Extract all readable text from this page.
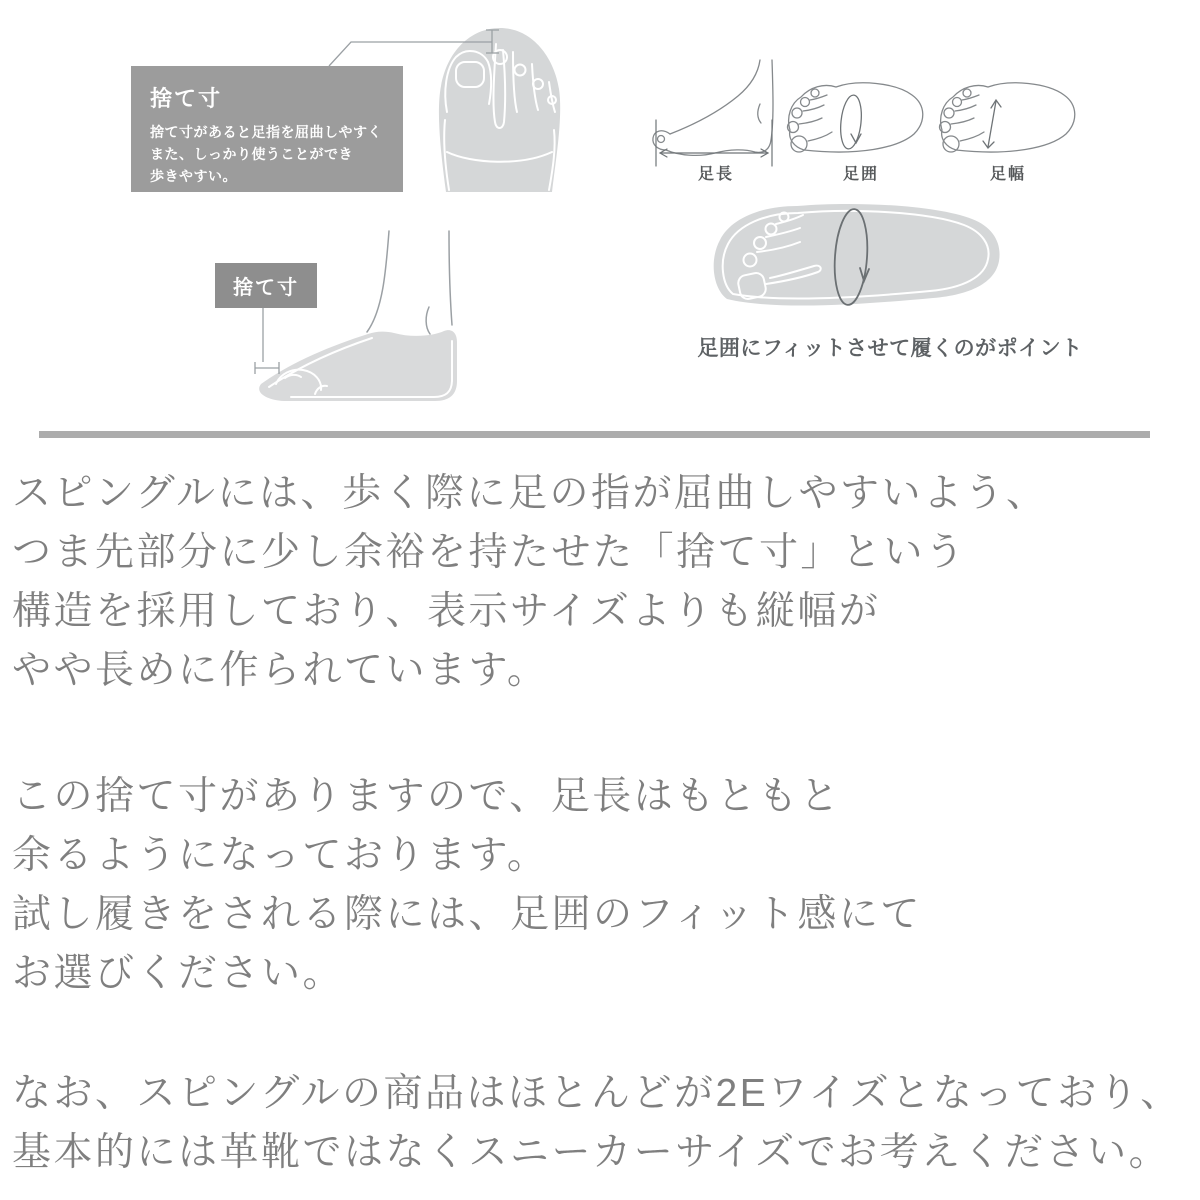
捨て寸
捨て寸があると足指を屈曲しやすく
また、しっかり使うことができ
歩きやすい。
捨て寸
足長	足囲	足幅
足囲にフィットさせて履くのがポイント
スピングルには、歩く際に足の指が屈曲しやすいよう、
つま先部分に少し余裕を持たせた「捨て寸」という
構造を採用しており、表示サイズよりも縦幅が
やや長めに作られています。
この捨て寸がありますので、足長はもともと
余るようになっております。
試し履きをされる際には、足囲のフィット感にて
お選びください。
なお、スピングルの商品はほとんどが2Eワイズとなっており、
基本的には革靴ではなくスニーカーサイズでお考えください。
